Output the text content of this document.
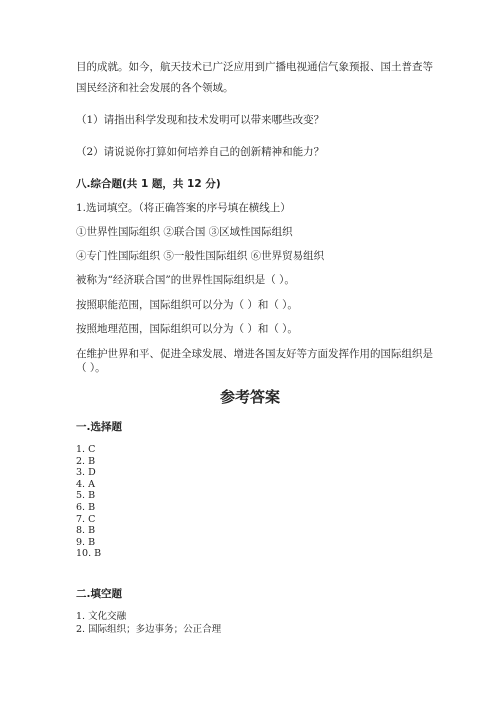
目的成就。如今，航天技术已广泛应用到广播电视通信气象预报、国土普查等
国民经济和社会发展的各个领域。
（1）请指出科学发现和技术发明可以带来哪些改变？
（2）请说说你打算如何培养自己的创新精神和能力？
八.综合题(共 1 题，共 12 分)
1.选词填空。（将正确答案的序号填在横线上）
①世界性国际组织 ②联合国 ③区域性国际组织
④专门性国际组织 ⑤一般性国际组织 ⑥世界贸易组织
被称为“经济联合国”的世界性国际组织是（ ）。
按照职能范围，国际组织可以分为（ ）和（ ）。
按照地理范围，国际组织可以分为（ ）和（ ）。
在维护世界和平、促进全球发展、增进各国友好等方面发挥作用的国际组织是
（ ）。
参考答案
一.选择题
1. C
2. B
3. D
4. A
5. B
6. B
7. C
8. B
9. B
10. B
二.填空题
1. 文化交融
2. 国际组织；多边事务；公正合理
